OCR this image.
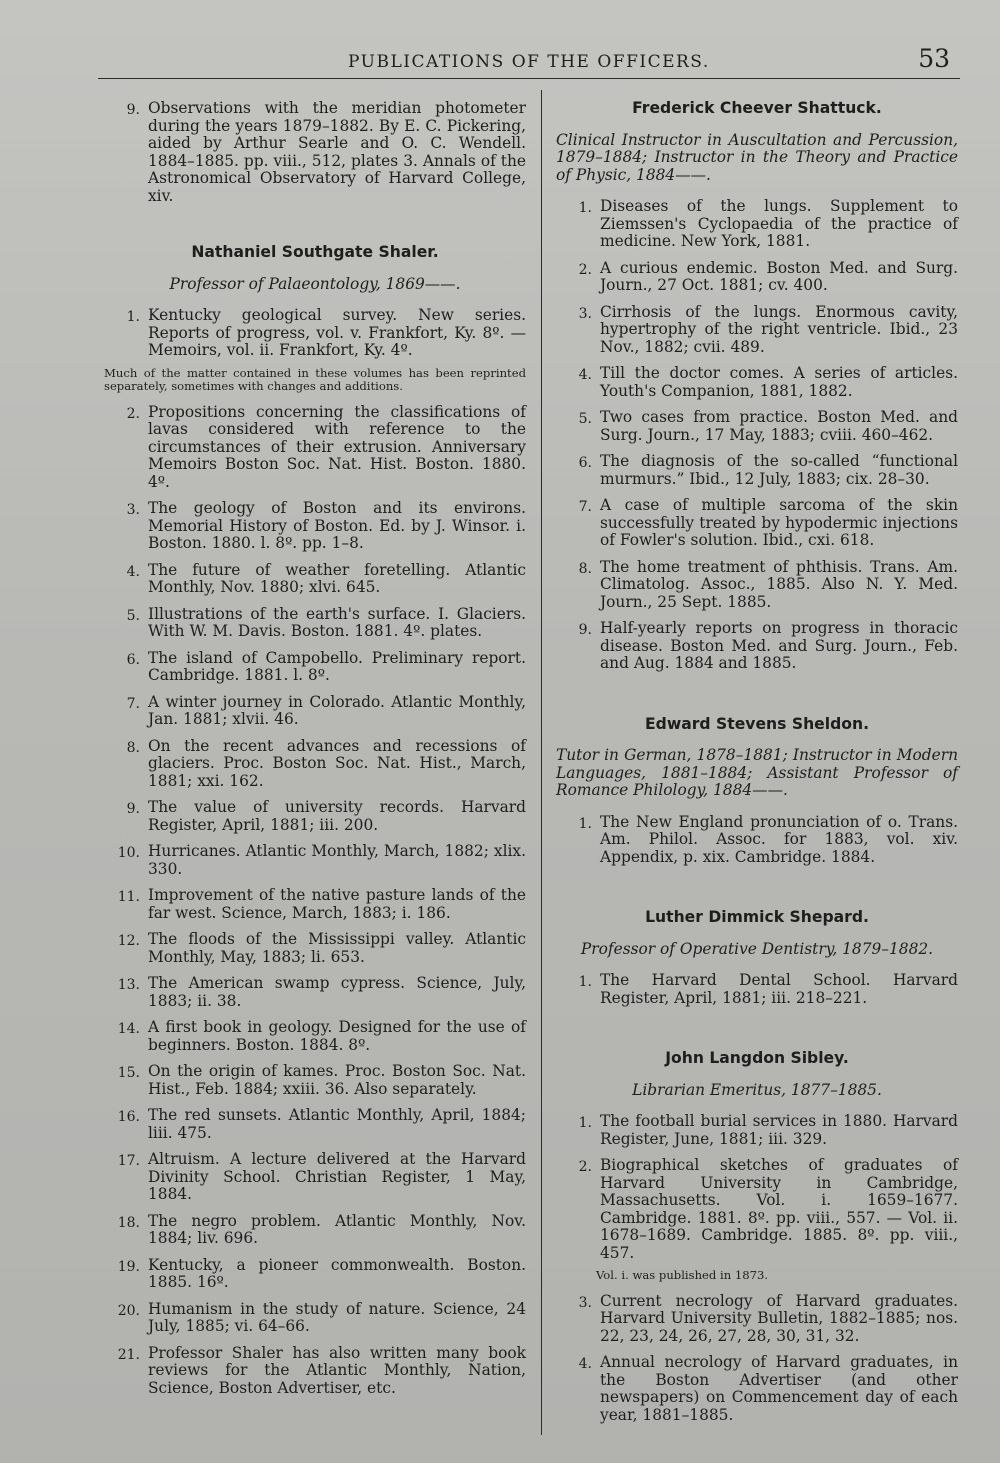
PUBLICATIONS OF THE OFFICERS.	53
9. Observations with the meridian photometer during the years 1879–1882. By E. C. Pickering, aided by Arthur Searle and O. C. Wendell. 1884–1885. pp. viii., 512, plates 3. Annals of the Astronomical Observatory of Harvard College, xiv.
Nathaniel Southgate Shaler.
Professor of Palaeontology, 1869——.
1. Kentucky geological survey. New series. Reports of progress, vol. v. Frankfort, Ky. 8º. — Memoirs, vol. ii. Frankfort, Ky. 4º.
Much of the matter contained in these volumes has been reprinted separately, sometimes with changes and additions.
2. Propositions concerning the classifications of lavas considered with reference to the circumstances of their extrusion. Anniversary Memoirs Boston Soc. Nat. Hist. Boston. 1880. 4º.
3. The geology of Boston and its environs. Memorial History of Boston. Ed. by J. Winsor. i. Boston. 1880. l. 8º. pp. 1–8.
4. The future of weather foretelling. Atlantic Monthly, Nov. 1880; xlvi. 645.
5. Illustrations of the earth's surface. I. Glaciers. With W. M. Davis. Boston. 1881. 4º. plates.
6. The island of Campobello. Preliminary report. Cambridge. 1881. l. 8º.
7. A winter journey in Colorado. Atlantic Monthly, Jan. 1881; xlvii. 46.
8. On the recent advances and recessions of glaciers. Proc. Boston Soc. Nat. Hist., March, 1881; xxi. 162.
9. The value of university records. Harvard Register, April, 1881; iii. 200.
10. Hurricanes. Atlantic Monthly, March, 1882; xlix. 330.
11. Improvement of the native pasture lands of the far west. Science, March, 1883; i. 186.
12. The floods of the Mississippi valley. Atlantic Monthly, May, 1883; li. 653.
13. The American swamp cypress. Science, July, 1883; ii. 38.
14. A first book in geology. Designed for the use of beginners. Boston. 1884. 8º.
15. On the origin of kames. Proc. Boston Soc. Nat. Hist., Feb. 1884; xxiii. 36. Also separately.
16. The red sunsets. Atlantic Monthly, April, 1884; liii. 475.
17. Altruism. A lecture delivered at the Harvard Divinity School. Christian Register, 1 May, 1884.
18. The negro problem. Atlantic Monthly, Nov. 1884; liv. 696.
19. Kentucky, a pioneer commonwealth. Boston. 1885. 16º.
20. Humanism in the study of nature. Science, 24 July, 1885; vi. 64–66.
21. Professor Shaler has also written many book reviews for the Atlantic Monthly, Nation, Science, Boston Advertiser, etc.
Frederick Cheever Shattuck.
Clinical Instructor in Auscultation and Percussion, 1879–1884; Instructor in the Theory and Practice of Physic, 1884——.
1. Diseases of the lungs. Supplement to Ziemssen's Cyclopaedia of the practice of medicine. New York, 1881.
2. A curious endemic. Boston Med. and Surg. Journ., 27 Oct. 1881; cv. 400.
3. Cirrhosis of the lungs. Enormous cavity, hypertrophy of the right ventricle. Ibid., 23 Nov., 1882; cvii. 489.
4. Till the doctor comes. A series of articles. Youth's Companion, 1881, 1882.
5. Two cases from practice. Boston Med. and Surg. Journ., 17 May, 1883; cviii. 460–462.
6. The diagnosis of the so-called “functional murmurs.” Ibid., 12 July, 1883; cix. 28–30.
7. A case of multiple sarcoma of the skin successfully treated by hypodermic injections of Fowler's solution. Ibid., cxi. 618.
8. The home treatment of phthisis. Trans. Am. Climatolog. Assoc., 1885. Also N. Y. Med. Journ., 25 Sept. 1885.
9. Half-yearly reports on progress in thoracic disease. Boston Med. and Surg. Journ., Feb. and Aug. 1884 and 1885.
Edward Stevens Sheldon.
Tutor in German, 1878–1881; Instructor in Modern Languages, 1881–1884; Assistant Professor of Romance Philology, 1884——.
1. The New England pronunciation of o. Trans. Am. Philol. Assoc. for 1883, vol. xiv. Appendix, p. xix. Cambridge. 1884.
Luther Dimmick Shepard.
Professor of Operative Dentistry, 1879–1882.
1. The Harvard Dental School. Harvard Register, April, 1881; iii. 218–221.
John Langdon Sibley.
Librarian Emeritus, 1877–1885.
1. The football burial services in 1880. Harvard Register, June, 1881; iii. 329.
2. Biographical sketches of graduates of Harvard University in Cambridge, Massachusetts. Vol. i. 1659–1677. Cambridge. 1881. 8º. pp. viii., 557. — Vol. ii. 1678–1689. Cambridge. 1885. 8º. pp. viii., 457.
Vol. i. was published in 1873.
3. Current necrology of Harvard graduates. Harvard University Bulletin, 1882–1885; nos. 22, 23, 24, 26, 27, 28, 30, 31, 32.
4. Annual necrology of Harvard graduates, in the Boston Advertiser (and other newspapers) on Commencement day of each year, 1881–1885.
